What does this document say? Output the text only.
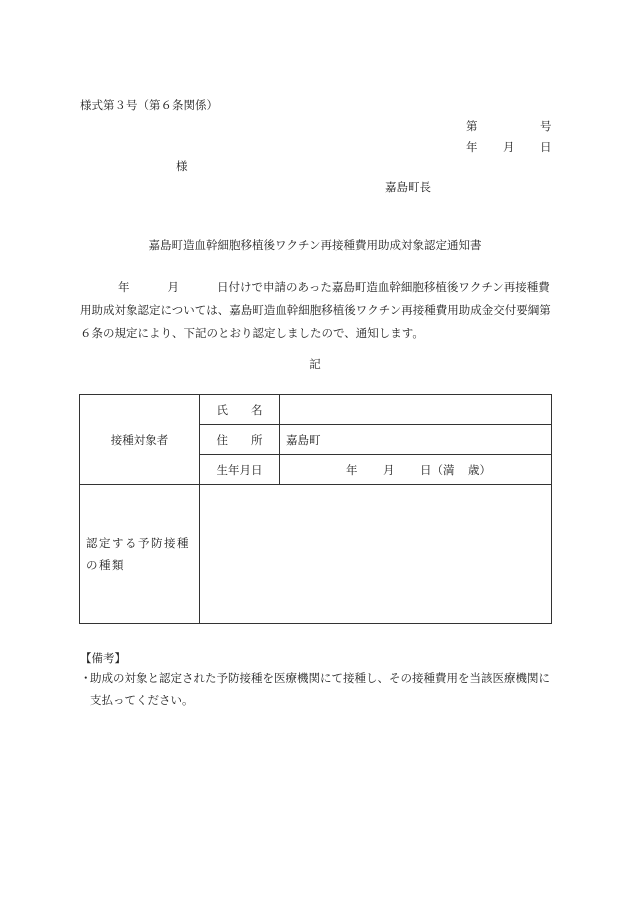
様式第３号（第６条関係）
第	号
年 月 日
様
嘉島町長
嘉島町造血幹細胞移植後ワクチン再接種費用助成対象認定通知書
年	月	日付けで申請のあった嘉島町造血幹細胞移植後ワクチン再接種費用助成対象認定については、嘉島町造血幹細胞移植後ワクチン再接種費用助成金交付要綱第６条の規定により、下記のとおり認定しましたので、通知します。
記
接種対象者	氏　　名	
	住　　所	嘉島町
	生年月日	年 月 日（満 歳）

認定する予防接種の種類		

【備考】
・
助成の対象と認定された予防接種を医療機関にて接種し、その接種費用を当該医療機関に支払ってください。
